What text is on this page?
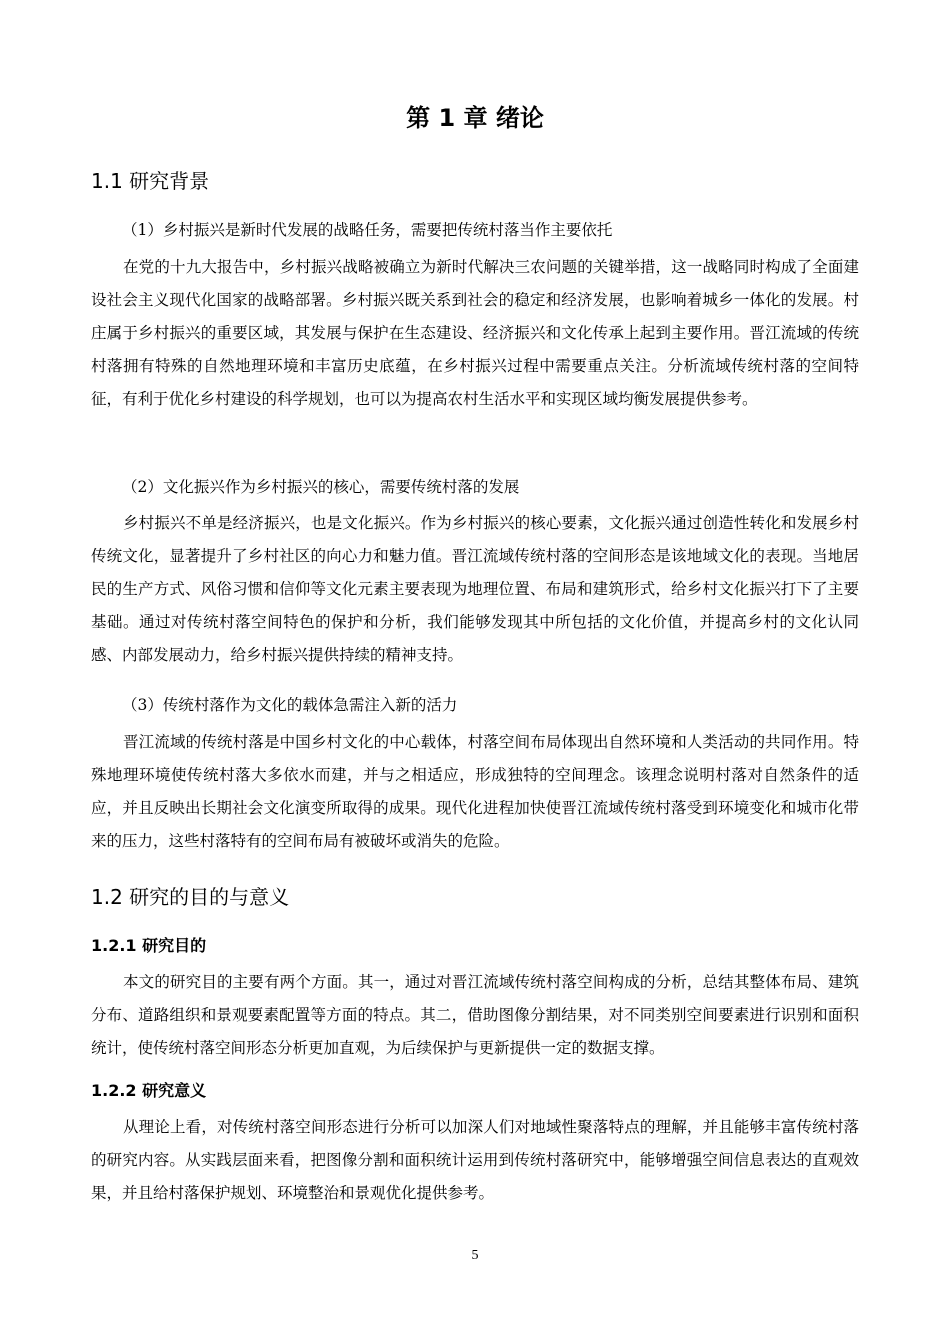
第 1 章 绪论
1.1 研究背景

（1）乡村振兴是新时代发展的战略任务，需要把传统村落当作主要依托

在党的十九大报告中，乡村振兴战略被确立为新时代解决三农问题的关键举措，这一战略同时构成了全面建设社会主义现代化国家的战略部署。乡村振兴既关系到社会的稳定和经济发展，也影响着城乡一体化的发展。村庄属于乡村振兴的重要区域，其发展与保护在生态建设、经济振兴和文化传承上起到主要作用。晋江流域的传统村落拥有特殊的自然地理环境和丰富历史底蕴，在乡村振兴过程中需要重点关注。分析流域传统村落的空间特征，有利于优化乡村建设的科学规划，也可以为提高农村生活水平和实现区域均衡发展提供参考。

（2）文化振兴作为乡村振兴的核心，需要传统村落的发展

乡村振兴不单是经济振兴，也是文化振兴。作为乡村振兴的核心要素，文化振兴通过创造性转化和发展乡村传统文化，显著提升了乡村社区的向心力和魅力值。晋江流域传统村落的空间形态是该地域文化的表现。当地居民的生产方式、风俗习惯和信仰等文化元素主要表现为地理位置、布局和建筑形式，给乡村文化振兴打下了主要基础。通过对传统村落空间特色的保护和分析，我们能够发现其中所包括的文化价值，并提高乡村的文化认同感、内部发展动力，给乡村振兴提供持续的精神支持。

（3）传统村落作为文化的载体急需注入新的活力

晋江流域的传统村落是中国乡村文化的中心载体，村落空间布局体现出自然环境和人类活动的共同作用。特殊地理环境使传统村落大多依水而建，并与之相适应，形成独特的空间理念。该理念说明村落对自然条件的适应，并且反映出长期社会文化演变所取得的成果。现代化进程加快使晋江流域传统村落受到环境变化和城市化带来的压力，这些村落特有的空间布局有被破坏或消失的危险。

1.2 研究的目的与意义
1.2.1 研究目的

本文的研究目的主要有两个方面。其一，通过对晋江流域传统村落空间构成的分析，总结其整体布局、建筑分布、道路组织和景观要素配置等方面的特点。其二，借助图像分割结果，对不同类别空间要素进行识别和面积统计，使传统村落空间形态分析更加直观，为后续保护与更新提供一定的数据支撑。

1.2.2 研究意义

从理论上看，对传统村落空间形态进行分析可以加深人们对地域性聚落特点的理解，并且能够丰富传统村落的研究内容。从实践层面来看，把图像分割和面积统计运用到传统村落研究中，能够增强空间信息表达的直观效果，并且给村落保护规划、环境整治和景观优化提供参考。

5
